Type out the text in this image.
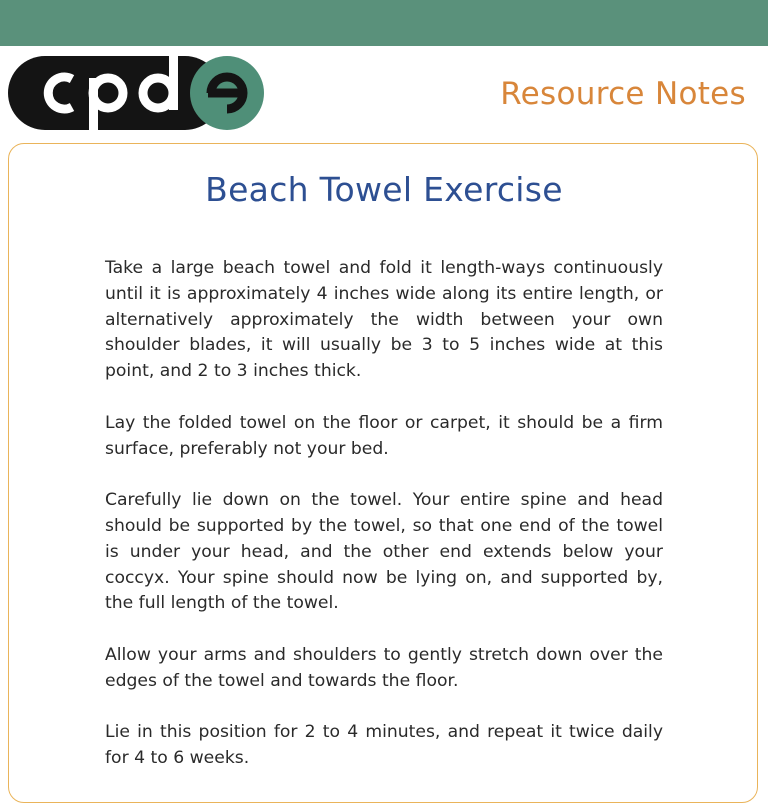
Resource Notes
Beach Towel Exercise

Take a large beach towel and fold it length-ways continuously until it is approximately 4 inches wide along its entire length, or alternatively approximately the width between your own shoulder blades, it will usually be 3 to 5 inches wide at this point, and 2 to 3 inches thick.

Lay the folded towel on the floor or carpet, it should be a firm surface, preferably not your bed.

Carefully lie down on the towel. Your entire spine and head should be supported by the towel, so that one end of the towel is under your head, and the other end extends below your coccyx. Your spine should now be lying on, and supported by, the full length of the towel.

Allow your arms and shoulders to gently stretch down over the edges of the towel and towards the floor.

Lie in this position for 2 to 4 minutes, and repeat it twice daily for 4 to 6 weeks.
